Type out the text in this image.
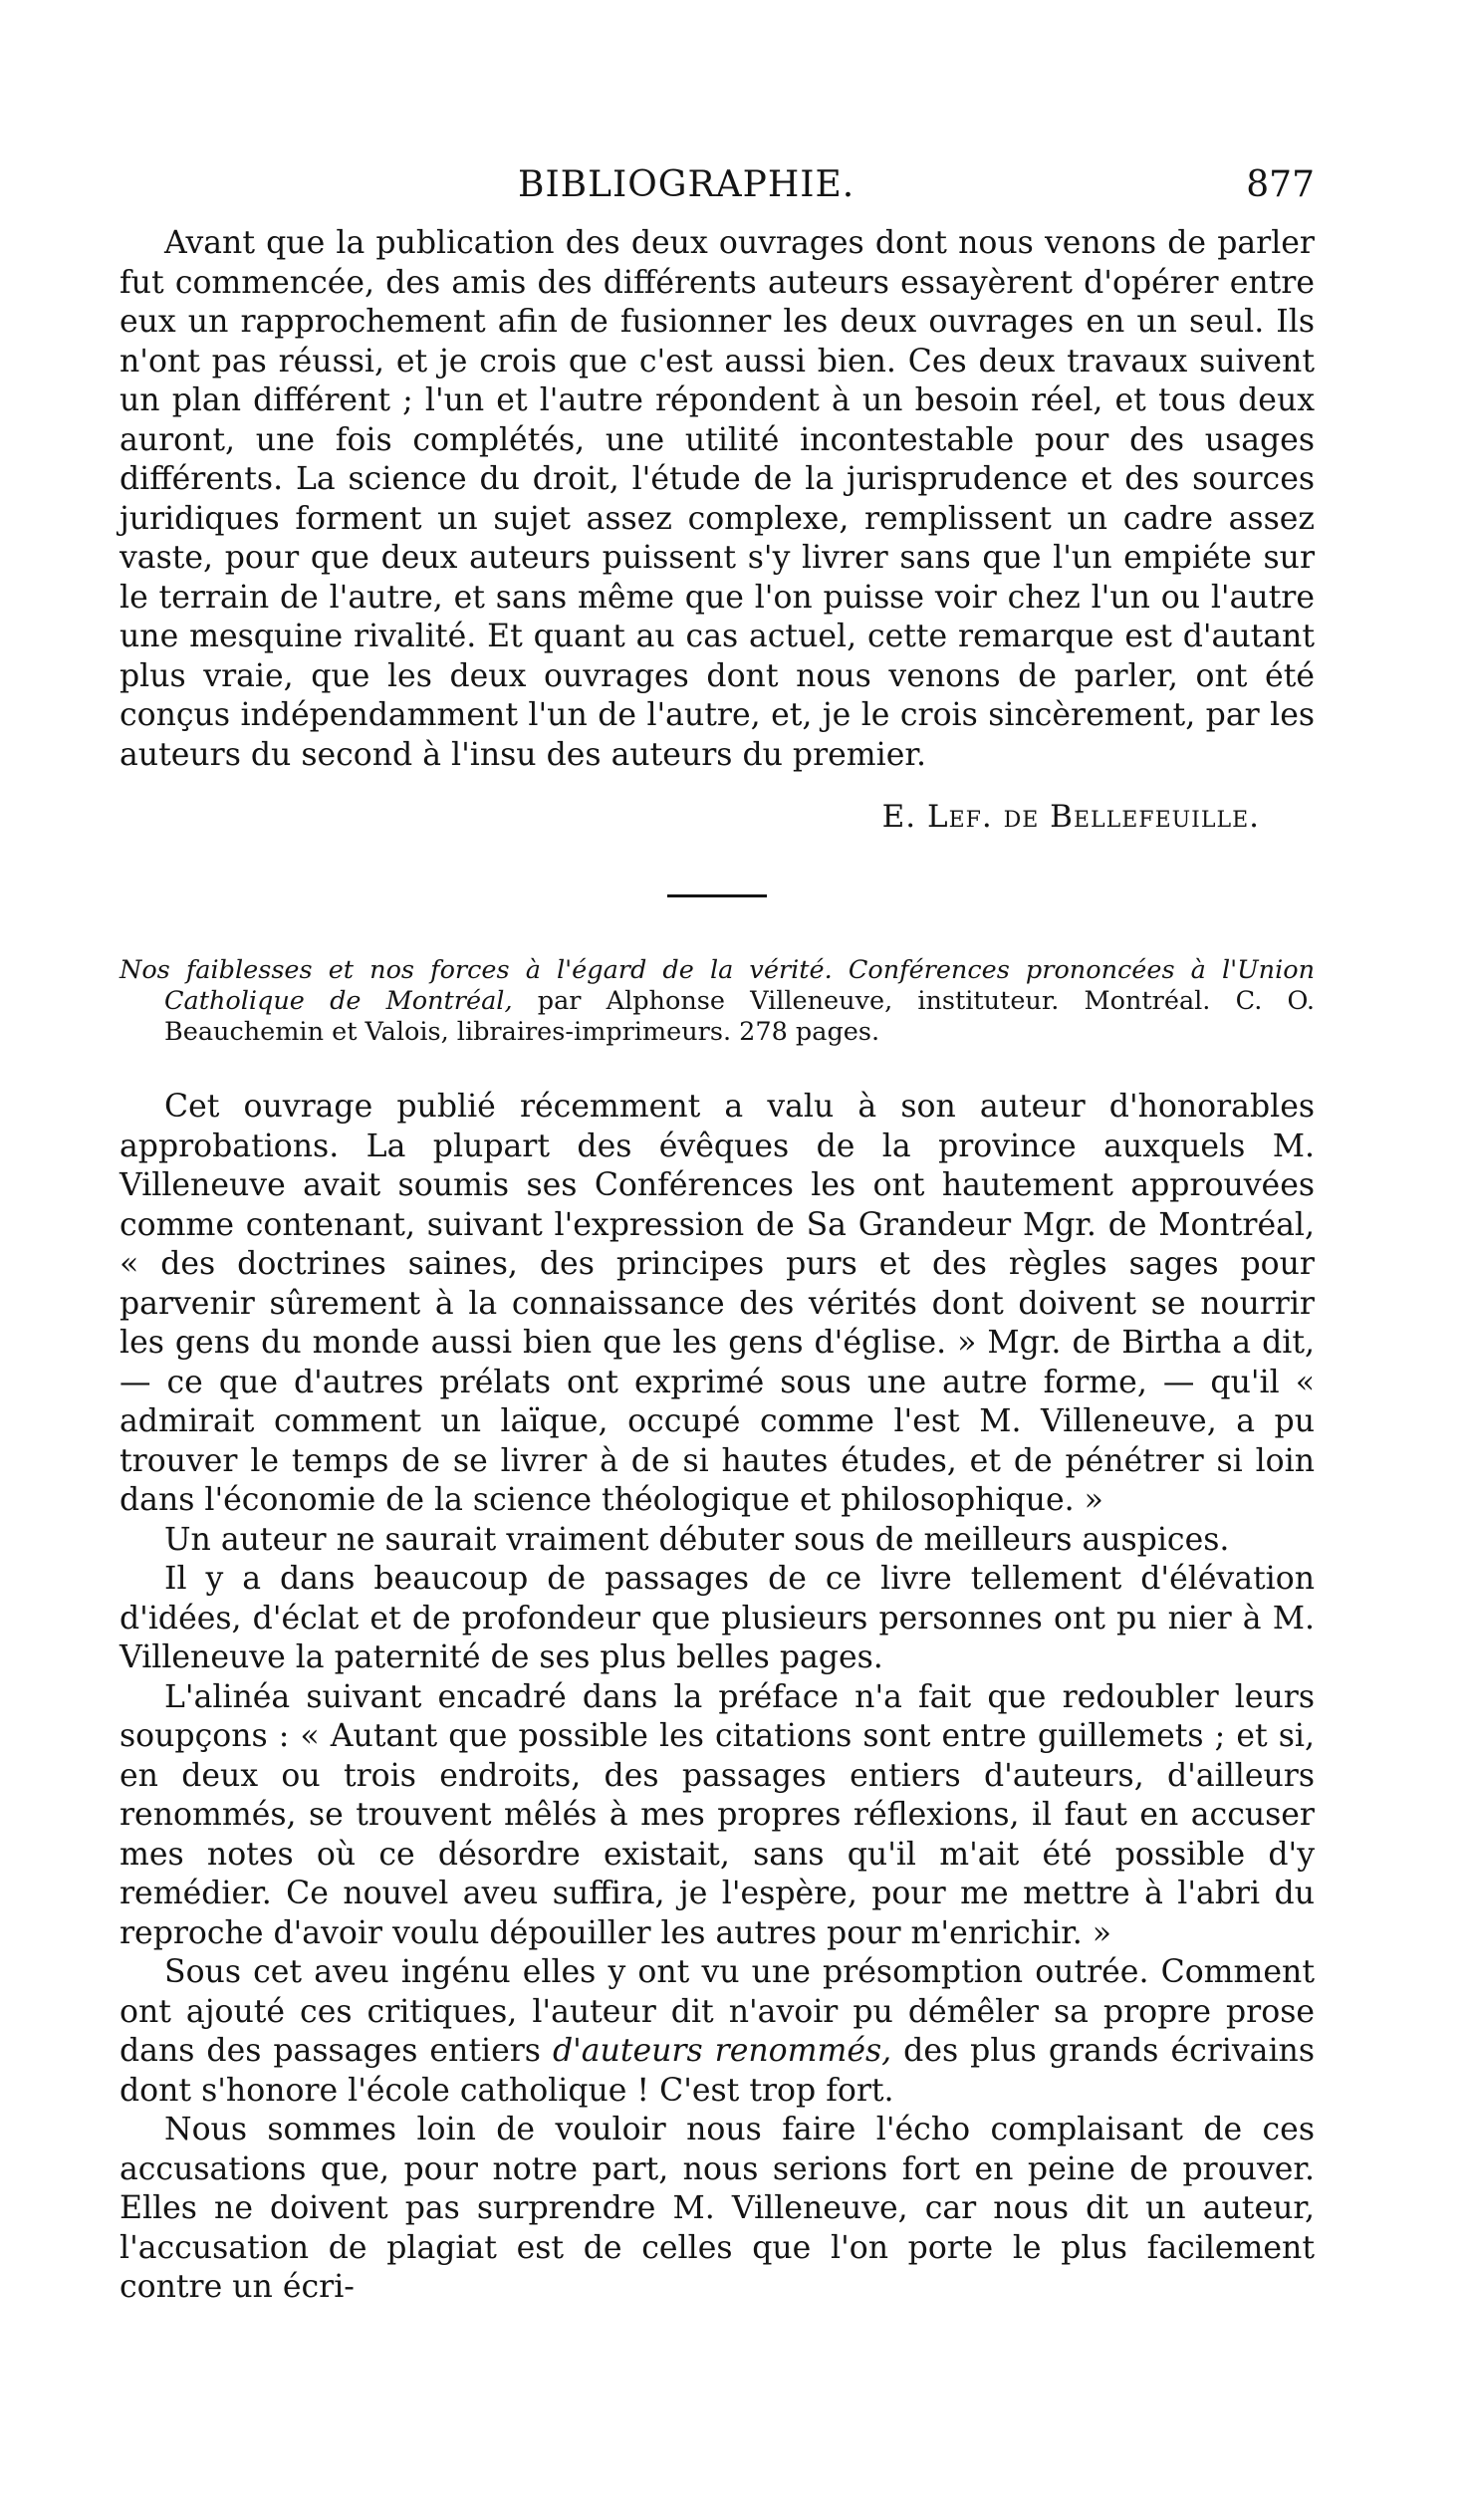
BIBLIOGRAPHIE.	877

Avant que la publication des deux ouvrages dont nous venons de parler fut commencée, des amis des différents auteurs essayèrent d'opérer entre eux un rapprochement afin de fusionner les deux ouvrages en un seul. Ils n'ont pas réussi, et je crois que c'est aussi bien. Ces deux travaux suivent un plan différent ; l'un et l'autre répondent à un besoin réel, et tous deux auront, une fois complétés, une utilité incontestable pour des usages différents. La science du droit, l'étude de la jurisprudence et des sources juridiques forment un sujet assez complexe, remplissent un cadre assez vaste, pour que deux auteurs puissent s'y livrer sans que l'un empiéte sur le terrain de l'autre, et sans même que l'on puisse voir chez l'un ou l'autre une mesquine rivalité. Et quant au cas actuel, cette remarque est d'autant plus vraie, que les deux ouvrages dont nous venons de parler, ont été conçus indépendamment l'un de l'autre, et, je le crois sincèrement, par les auteurs du second à l'insu des auteurs du premier.

E. Lef. de Bellefeuille.

Nos faiblesses et nos forces à l'égard de la vérité. Conférences prononcées à l'Union Catholique de Montréal, par Alphonse Villeneuve, instituteur. Montréal. C. O. Beauchemin et Valois, libraires-imprimeurs. 278 pages.

Cet ouvrage publié récemment a valu à son auteur d'honorables approbations. La plupart des évêques de la province auxquels M. Villeneuve avait soumis ses Conférences les ont hautement approuvées comme contenant, suivant l'expression de Sa Grandeur Mgr. de Montréal, « des doctrines saines, des principes purs et des règles sages pour parvenir sûrement à la connaissance des vérités dont doivent se nourrir les gens du monde aussi bien que les gens d'église. » Mgr. de Birtha a dit, — ce que d'autres prélats ont exprimé sous une autre forme, — qu'il « admirait comment un laïque, occupé comme l'est M. Villeneuve, a pu trouver le temps de se livrer à de si hautes études, et de pénétrer si loin dans l'économie de la science théologique et philosophique. »

Un auteur ne saurait vraiment débuter sous de meilleurs auspices.

Il y a dans beaucoup de passages de ce livre tellement d'élévation d'idées, d'éclat et de profondeur que plusieurs personnes ont pu nier à M. Villeneuve la paternité de ses plus belles pages.

L'alinéa suivant encadré dans la préface n'a fait que redoubler leurs soupçons : « Autant que possible les citations sont entre guillemets ; et si, en deux ou trois endroits, des passages entiers d'auteurs, d'ailleurs renommés, se trouvent mêlés à mes propres réflexions, il faut en accuser mes notes où ce désordre existait, sans qu'il m'ait été possible d'y remédier. Ce nouvel aveu suffira, je l'espère, pour me mettre à l'abri du reproche d'avoir voulu dépouiller les autres pour m'enrichir. »

Sous cet aveu ingénu elles y ont vu une présomption outrée. Comment ont ajouté ces critiques, l'auteur dit n'avoir pu démêler sa propre prose dans des passages entiers d'auteurs renommés, des plus grands écrivains dont s'honore l'école catholique ! C'est trop fort.

Nous sommes loin de vouloir nous faire l'écho complaisant de ces accusations que, pour notre part, nous serions fort en peine de prouver. Elles ne doivent pas surprendre M. Villeneuve, car nous dit un auteur, l'accusation de plagiat est de celles que l'on porte le plus facilement contre un écri-
